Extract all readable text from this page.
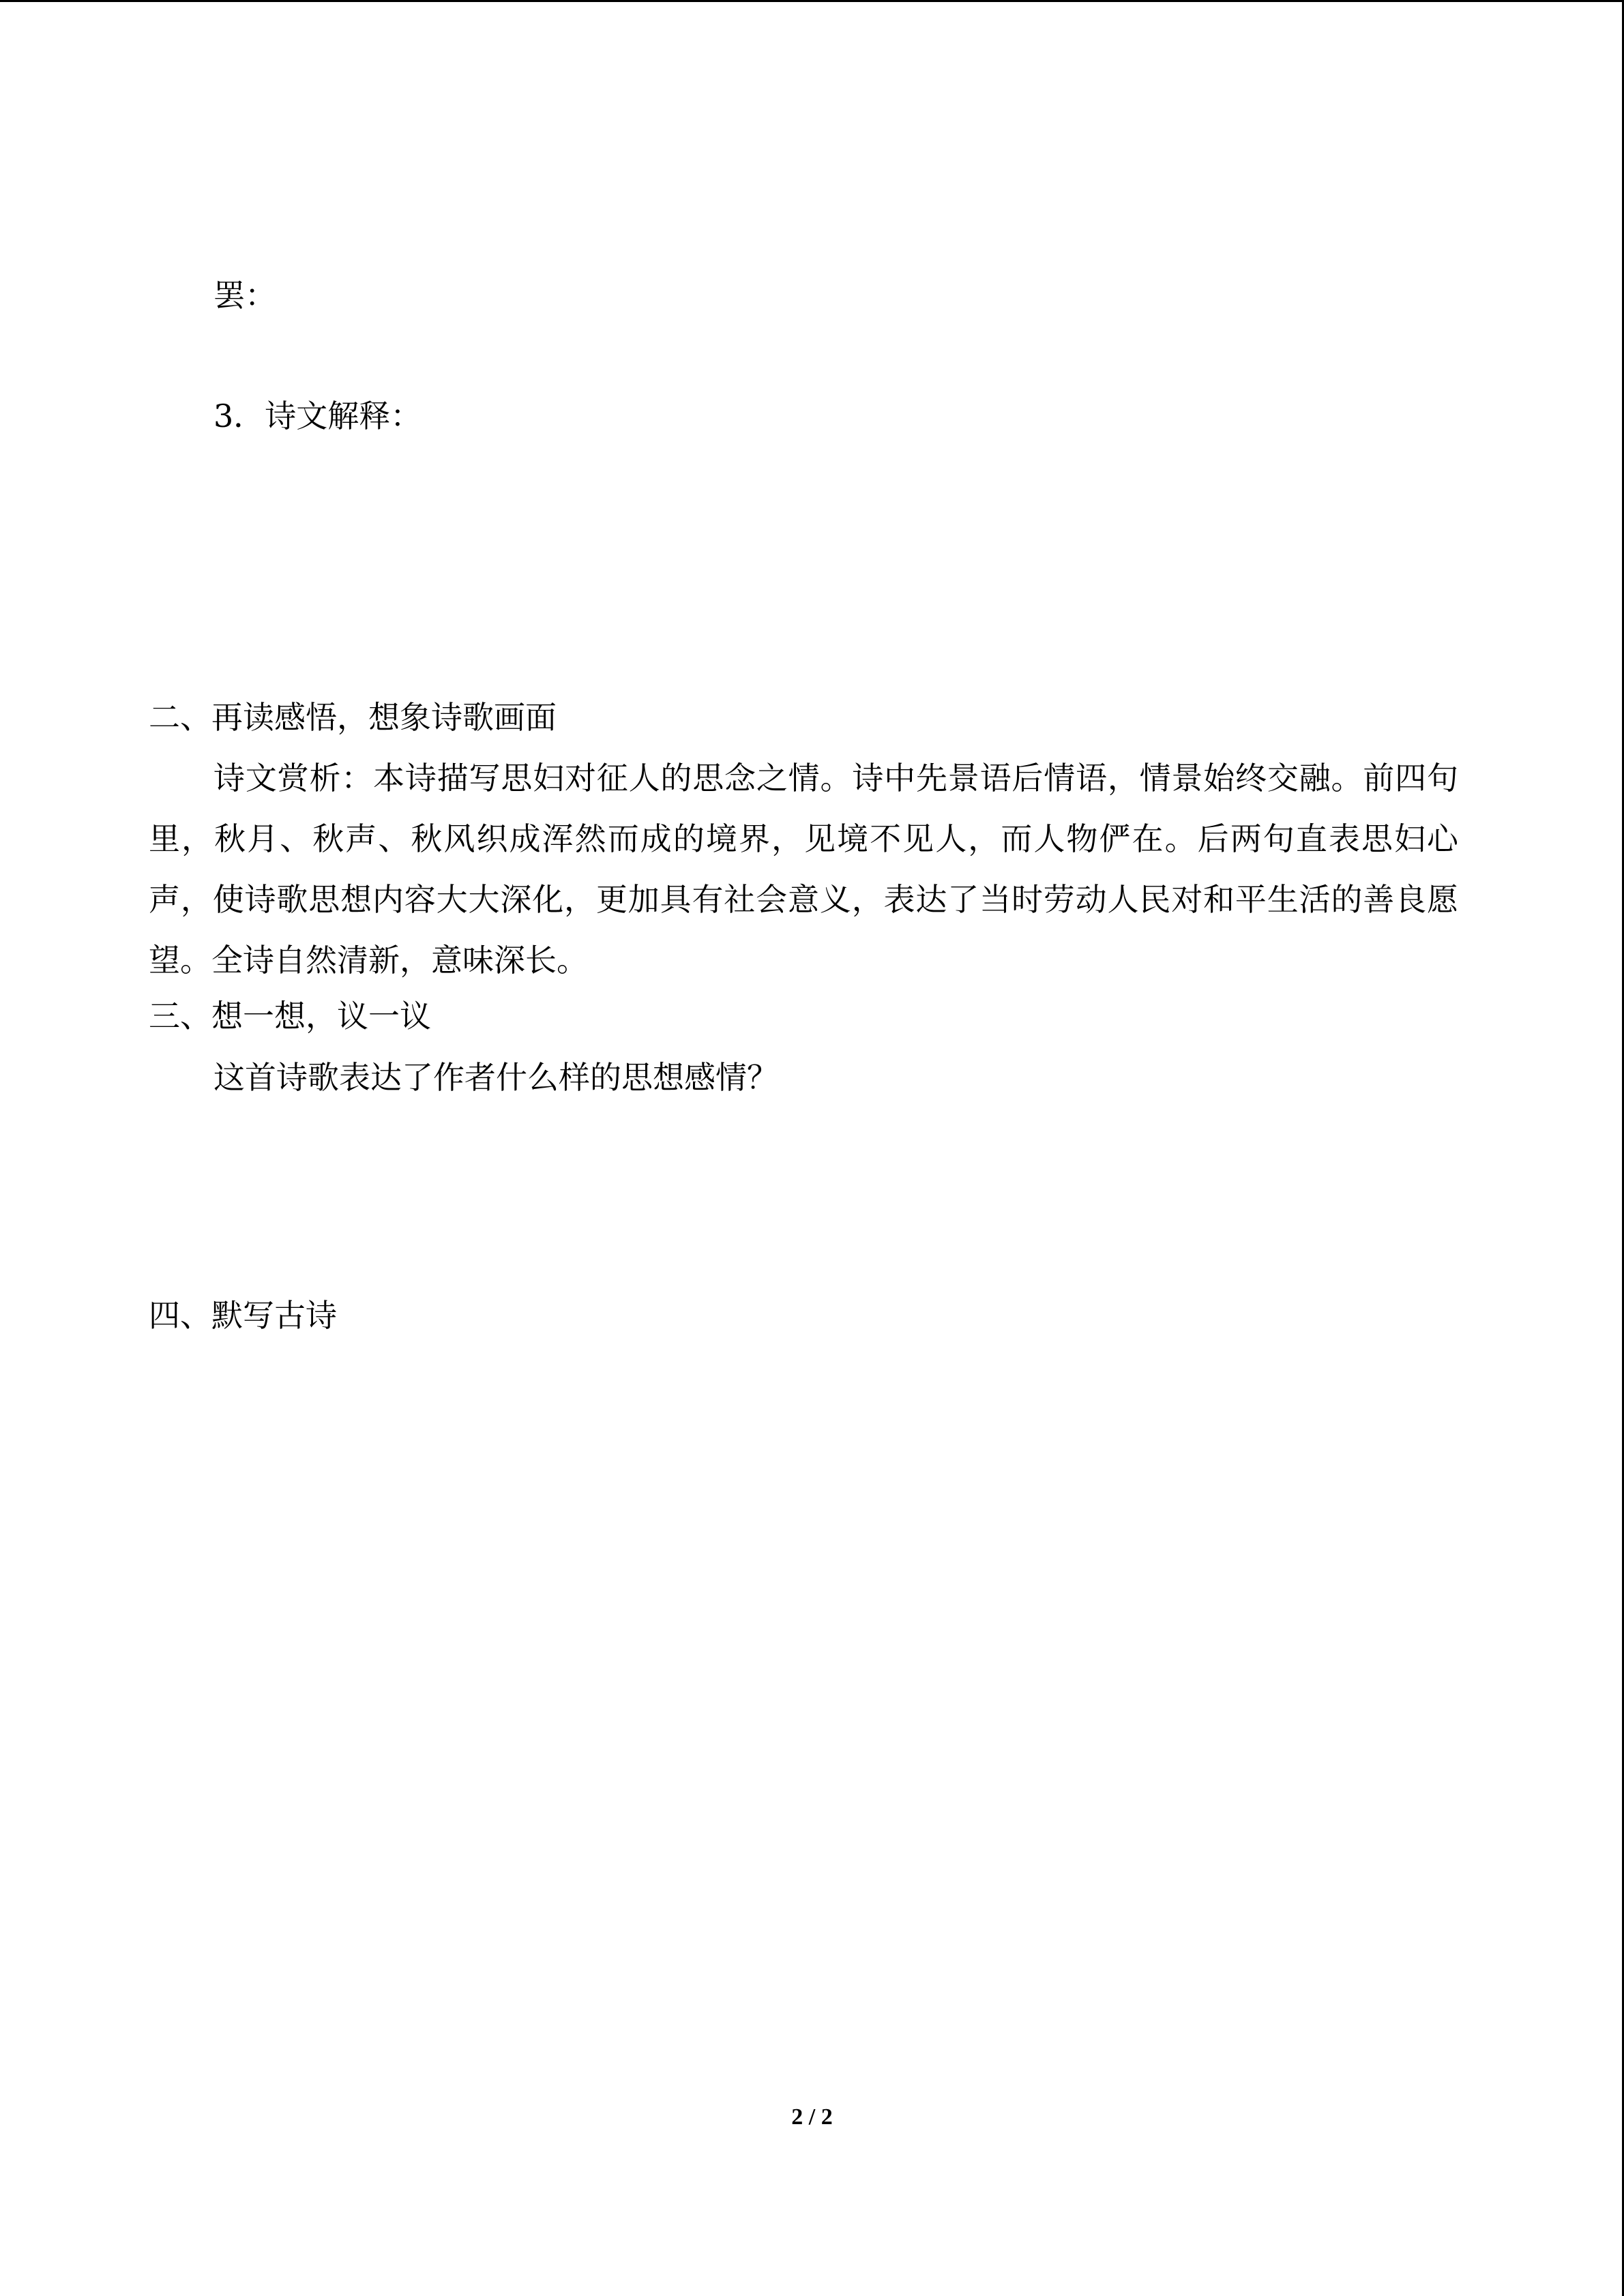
罢：
3．诗文解释：
二、再读感悟，想象诗歌画面

诗文赏析：本诗描写思妇对征人的思念之情。诗中先景语后情语，情景始终交融。前四句里，秋月、秋声、秋风织成浑然而成的境界，见境不见人，而人物俨在。后两句直表思妇心声，使诗歌思想内容大大深化，更加具有社会意义，表达了当时劳动人民对和平生活的善良愿望。全诗自然清新，意味深长。

三、想一想，议一议
这首诗歌表达了作者什么样的思想感情？
四、默写古诗
2 / 2
